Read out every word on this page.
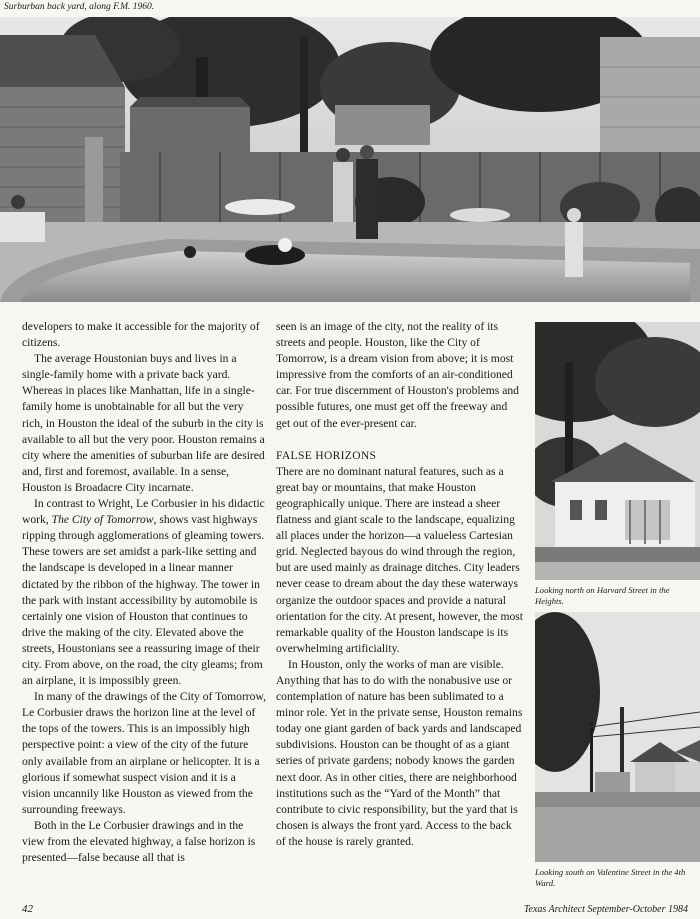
Surburban back yard, along F.M. 1960.
Looking north on Harvard Street in the Heights.
Looking south on Valentine Street in the 4th Ward.

developers to make it accessible for the majority of citizens.

The average Houstonian buys and lives in a single-family home with a private back yard. Whereas in places like Manhattan, life in a single-family home is unobtainable for all but the very rich, in Houston the ideal of the suburb in the city is available to all but the very poor. Houston remains a city where the amenities of suburban life are desired and, first and foremost, available. In a sense, Houston is Broadacre City incarnate.

In contrast to Wright, Le Corbusier in his didactic work, The City of Tomorrow, shows vast highways ripping through agglomerations of gleaming towers. These towers are set amidst a park-like setting and the landscape is developed in a linear manner dictated by the ribbon of the highway. The tower in the park with instant accessibility by automobile is certainly one vision of Houston that continues to drive the making of the city. Elevated above the streets, Houstonians see a reassuring image of their city. From above, on the road, the city gleams; from an airplane, it is impossibly green.

In many of the drawings of the City of Tomorrow, Le Corbusier draws the horizon line at the level of the tops of the towers. This is an impossibly high perspective point: a view of the city of the future only available from an airplane or helicopter. It is a glorious if somewhat suspect vision and it is a vision uncannily like Houston as viewed from the surrounding freeways.

Both in the Le Corbusier drawings and in the view from the elevated highway, a false horizon is presented—false because all that is

seen is an image of the city, not the reality of its streets and people. Houston, like the City of Tomorrow, is a dream vision from above; it is most impressive from the comforts of an air-conditioned car. For true discernment of Houston's problems and possible futures, one must get off the freeway and get out of the ever-present car.

FALSE HORIZONS

There are no dominant natural features, such as a great bay or mountains, that make Houston geographically unique. There are instead a sheer flatness and giant scale to the landscape, equalizing all places under the horizon—a valueless Cartesian grid. Neglected bayous do wind through the region, but are used mainly as drainage ditches. City leaders never cease to dream about the day these waterways organize the outdoor spaces and provide a natural orientation for the city. At present, however, the most remarkable quality of the Houston landscape is its overwhelming artificiality.

In Houston, only the works of man are visible. Anything that has to do with the nonabusive use or contemplation of nature has been sublimated to a minor role. Yet in the private sense, Houston remains today one giant garden of back yards and landscaped subdivisions. Houston can be thought of as a giant series of private gardens; nobody knows the garden next door. As in other cities, there are neighborhood institutions such as the “Yard of the Month” that contribute to civic responsibility, but the yard that is chosen is always the front yard. Access to the back of the house is rarely granted.

42	Texas Architect September-October 1984
